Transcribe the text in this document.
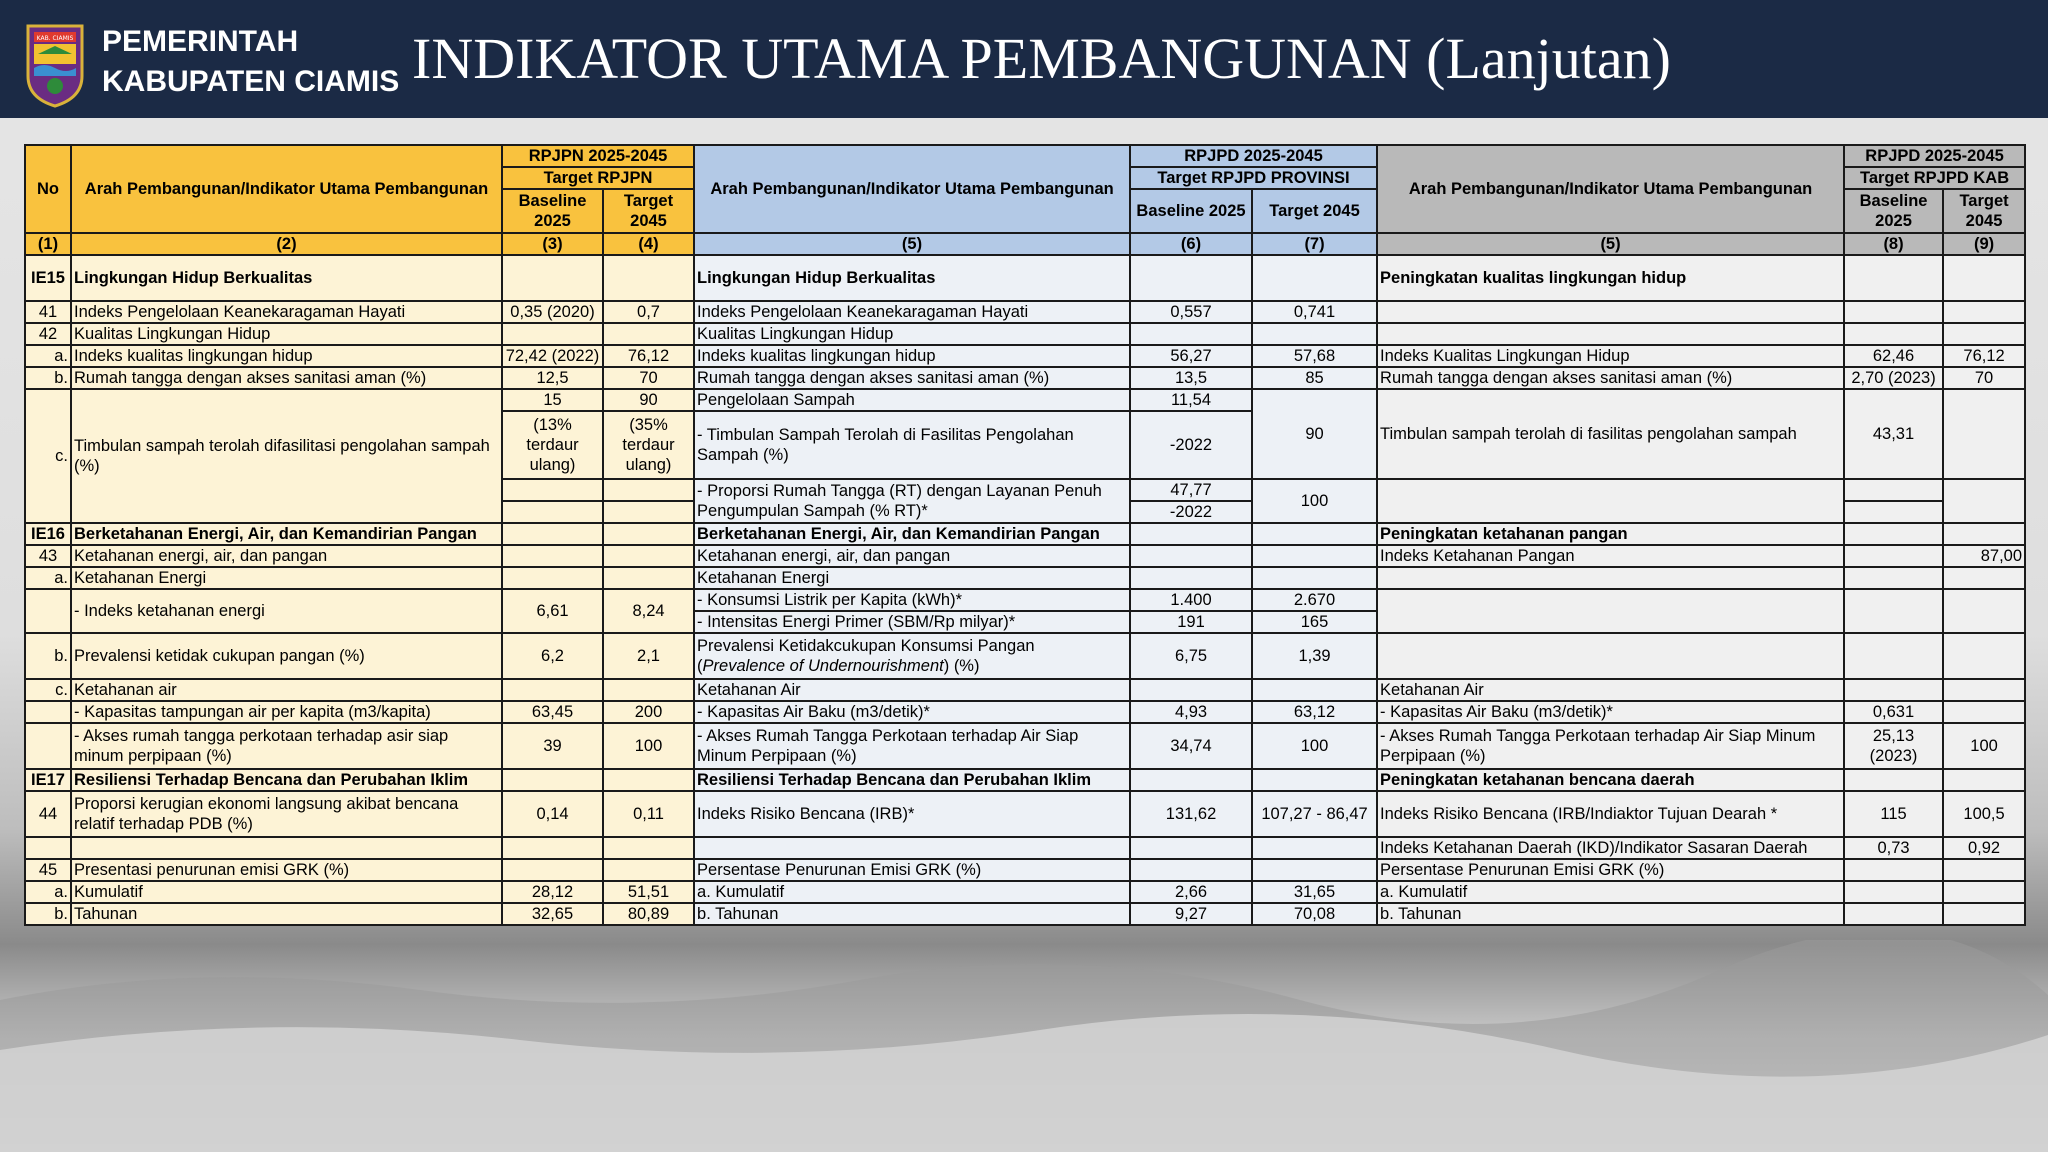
KAB. CIAMIS PEMERINTAH
KABUPATEN CIAMIS INDIKATOR UTAMA PEMBANGUNAN (Lanjutan)
No	Arah Pembangunan/Indikator Utama Pembangunan	RPJPN 2025-2045		Arah Pembangunan/Indikator Utama Pembangunan	RPJPD 2025-2045		Arah Pembangunan/Indikator Utama Pembangunan	RPJPD 2025-2045	
		Target RPJPN			Target RPJPD PROVINSI			Target RPJPD KAB	
		Baseline 2025	Target 2045		Baseline 2025	Target 2045		Baseline 2025	Target 2045

(1)	(2)	(3)	(4)	(5)	(6)	(7)	(5)	(8)	(9)
IE15	Lingkungan Hidup Berkualitas			Lingkungan Hidup Berkualitas			Peningkatan kualitas lingkungan hidup		
41	Indeks Pengelolaan Keanekaragaman Hayati	0,35 (2020)	0,7	Indeks Pengelolaan Keanekaragaman Hayati	0,557	0,741			
42	Kualitas Lingkungan Hidup			Kualitas Lingkungan Hidup					
a.	Indeks kualitas lingkungan hidup	72,42 (2022)	76,12	Indeks kualitas lingkungan hidup	56,27	57,68	Indeks Kualitas Lingkungan Hidup	62,46	76,12
b.	Rumah tangga dengan akses sanitasi aman (%)	12,5	70	Rumah tangga dengan akses sanitasi aman (%)	13,5	85	Rumah tangga dengan akses sanitasi aman (%)	2,70 (2023)	70
c.	Timbulan sampah terolah difasilitasi pengolahan sampah (%)	15	90	Pengelolaan Sampah	11,54	90	Timbulan sampah terolah di fasilitas pengolahan sampah	43,31	
		(13% terdaur ulang)	(35% terdaur ulang)	- Timbulan Sampah Terolah di Fasilitas Pengolahan Sampah (%)	-2022				
				- Proporsi Rumah Tangga (RT) dengan Layanan Penuh Pengumpulan Sampah (% RT)*	47,77	100			
					-2022				

IE16	Berketahanan Energi, Air, dan Kemandirian Pangan			Berketahanan Energi, Air, dan Kemandirian Pangan			Peningkatan ketahanan pangan		
43	Ketahanan energi, air, dan pangan			Ketahanan energi, air, dan pangan			Indeks Ketahanan Pangan		87,00
a.	Ketahanan Energi			Ketahanan Energi					
	- Indeks ketahanan energi	6,61	8,24	- Konsumsi Listrik per Kapita (kWh)*	1.400	2.670			
				- Intensitas Energi Primer (SBM/Rp milyar)*	191	165			
b.	Prevalensi ketidak cukupan pangan (%)	6,2	2,1	Prevalensi Ketidakcukupan Konsumsi Pangan (Prevalence of Undernourishment) (%)	6,75	1,39			
c.	Ketahanan air			Ketahanan Air			Ketahanan Air		
	- Kapasitas tampungan air per kapita (m3/kapita)	63,45	200	- Kapasitas Air Baku (m3/detik)*	4,93	63,12	- Kapasitas Air Baku (m3/detik)*	0,631	
	- Akses rumah tangga perkotaan terhadap asir siap minum perpipaan (%)	39	100	- Akses Rumah Tangga Perkotaan terhadap Air Siap Minum Perpipaan (%)	34,74	100	- Akses Rumah Tangga Perkotaan terhadap Air Siap Minum Perpipaan (%)	25,13 (2023)	100
IE17	Resiliensi Terhadap Bencana dan Perubahan Iklim			Resiliensi Terhadap Bencana dan Perubahan Iklim			Peningkatan ketahanan bencana daerah		
44	Proporsi kerugian ekonomi langsung akibat bencana relatif terhadap PDB (%)	0,14	0,11	Indeks Risiko Bencana (IRB)*	131,62	107,27 - 86,47	Indeks Risiko Bencana (IRB/Indiaktor Tujuan Dearah *	115	100,5
							Indeks Ketahanan Daerah (IKD)/Indikator Sasaran Daerah	0,73	0,92
45	Presentasi penurunan emisi GRK (%)			Persentase Penurunan Emisi GRK (%)			Persentase Penurunan Emisi GRK (%)		
a.	Kumulatif	28,12	51,51	a. Kumulatif	2,66	31,65	a. Kumulatif		
b.	Tahunan	32,65	80,89	b. Tahunan	9,27	70,08	b. Tahunan		
